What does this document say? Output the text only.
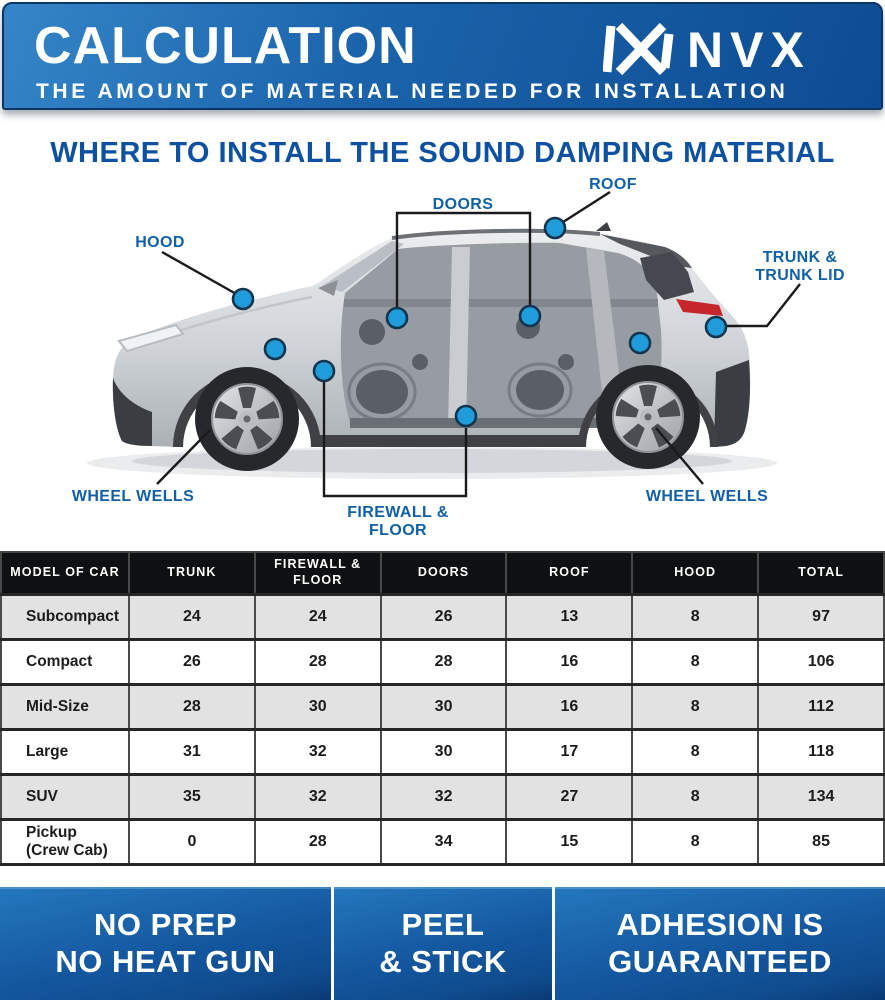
CALCULATION
THE AMOUNT OF MATERIAL NEEDED FOR INSTALLATION
NVX
WHERE TO INSTALL THE SOUND DAMPING MATERIAL
HOOD
DOORS
ROOF
TRUNK &
TRUNK LID
WHEEL WELLS	WHEEL WELLS
FIREWALL &
FLOOR
MODEL OF CAR	TRUNK	FIREWALL & FLOOR	DOORS	ROOF	HOOD	TOTAL

Subcompact	24	24	26	13	8	97

Compact	26	28	28	16	8	106

Mid-Size	28	30	30	16	8	112

Large	31	32	30	17	8	118

SUV	35	32	32	27	8	134

Pickup
(Crew Cab)	0	28	34	15	8	85
NO PREP
NO HEAT GUN
PEEL
& STICK
ADHESION IS
GUARANTEED
